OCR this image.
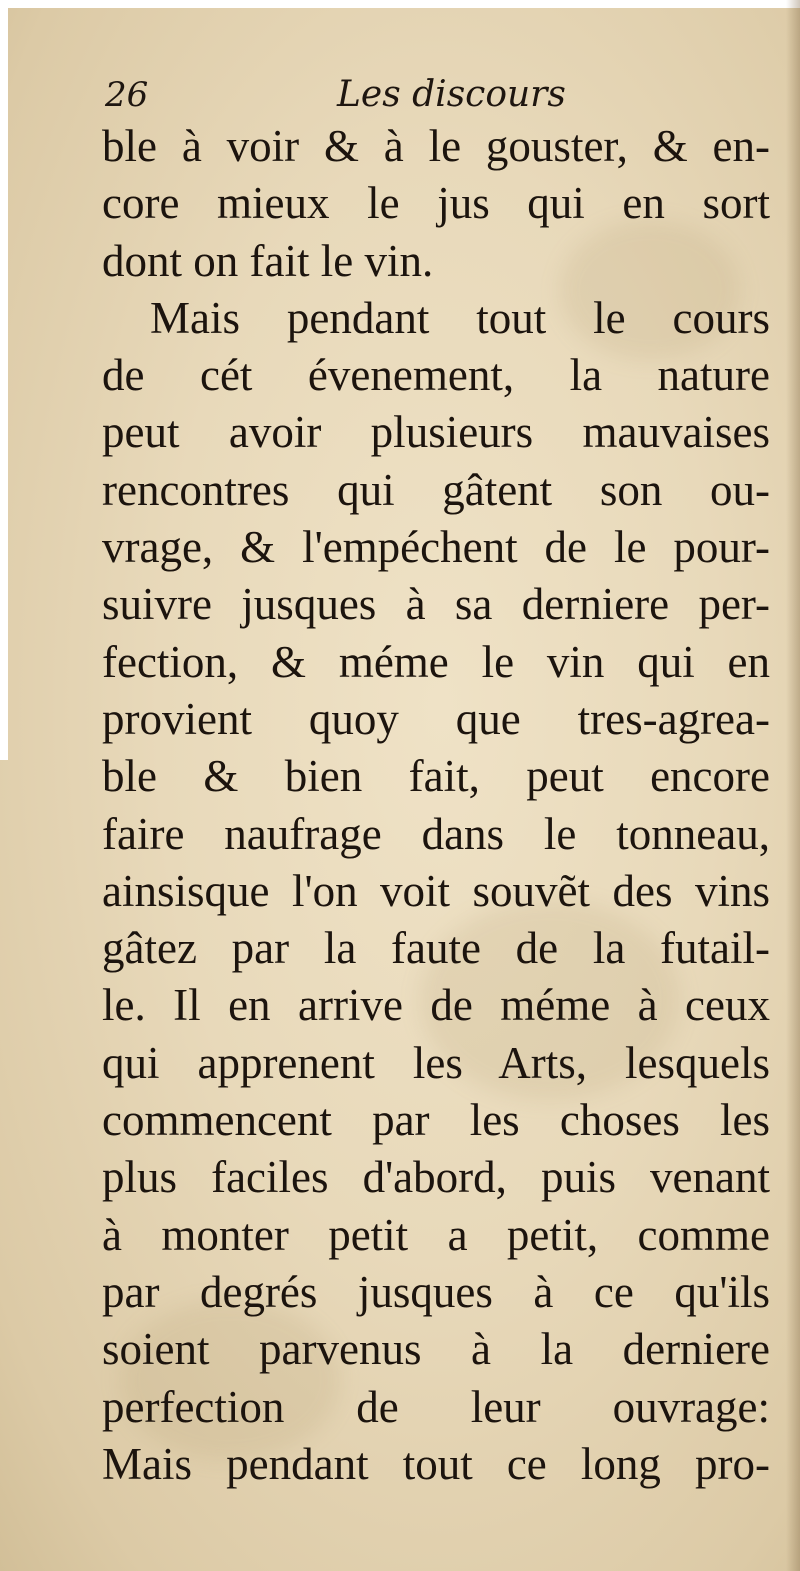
26	Les discours
ble à voir & à le gouster, & en-
core mieux le jus qui en sort
dont on fait le vin.
Mais pendant tout le cours
de cét évenement, la nature
peut avoir plusieurs mauvaises
rencontres qui gâtent son ou-
vrage, & l'empéchent de le pour-
suivre jusques à sa derniere per-
fection, & méme le vin qui en
provient quoy que tres-agrea-
ble & bien fait, peut encore
faire naufrage dans le tonneau,
ainsisque l'on voit souvẽt des vins
gâtez par la faute de la futail-
le. Il en arrive de méme à ceux
qui apprenent les Arts, lesquels
commencent par les choses les
plus faciles d'abord, puis venant
à monter petit a petit, comme
par degrés jusques à ce qu'ils
soient parvenus à la derniere
perfection de leur ouvrage:
Mais pendant tout ce long pro-
